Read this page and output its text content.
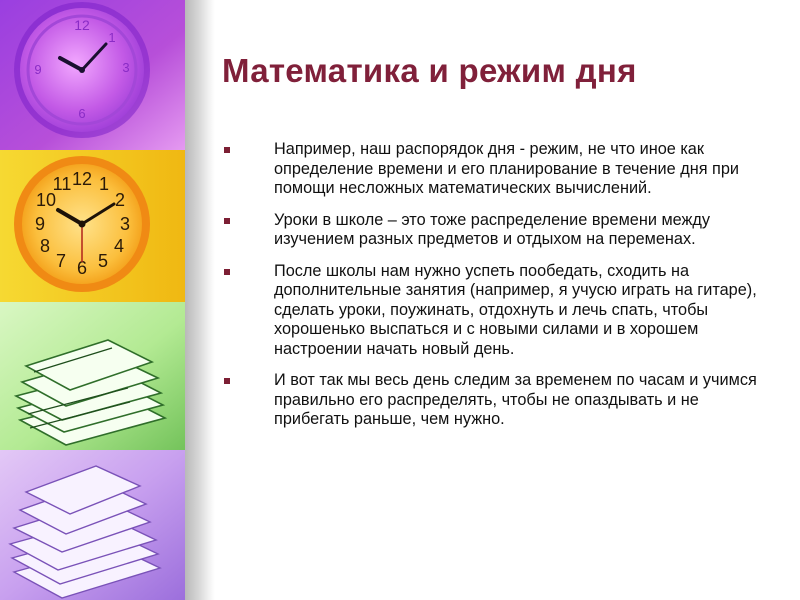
12
1
3
9
6
12 1
2
3
4
5
6
7
8
9
10
11
Математика и режим дня
Например, наш распорядок дня - режим, не что иное как определение времени и его планирование в течение дня при помощи несложных математических вычислений.
Уроки в школе – это тоже распределение времени между изучением разных предметов и отдыхом на переменах.
После школы нам нужно успеть пообедать, сходить на дополнительные занятия (например, я учусю играть на гитаре), сделать уроки, поужинать, отдохнуть и лечь спать, чтобы хорошенько выспаться и с новыми силами и в хорошем настроении начать новый день.
И вот так мы весь день следим за временем по часам и учимся правильно его распределять, чтобы не опаздывать и не прибегать раньше, чем нужно.
